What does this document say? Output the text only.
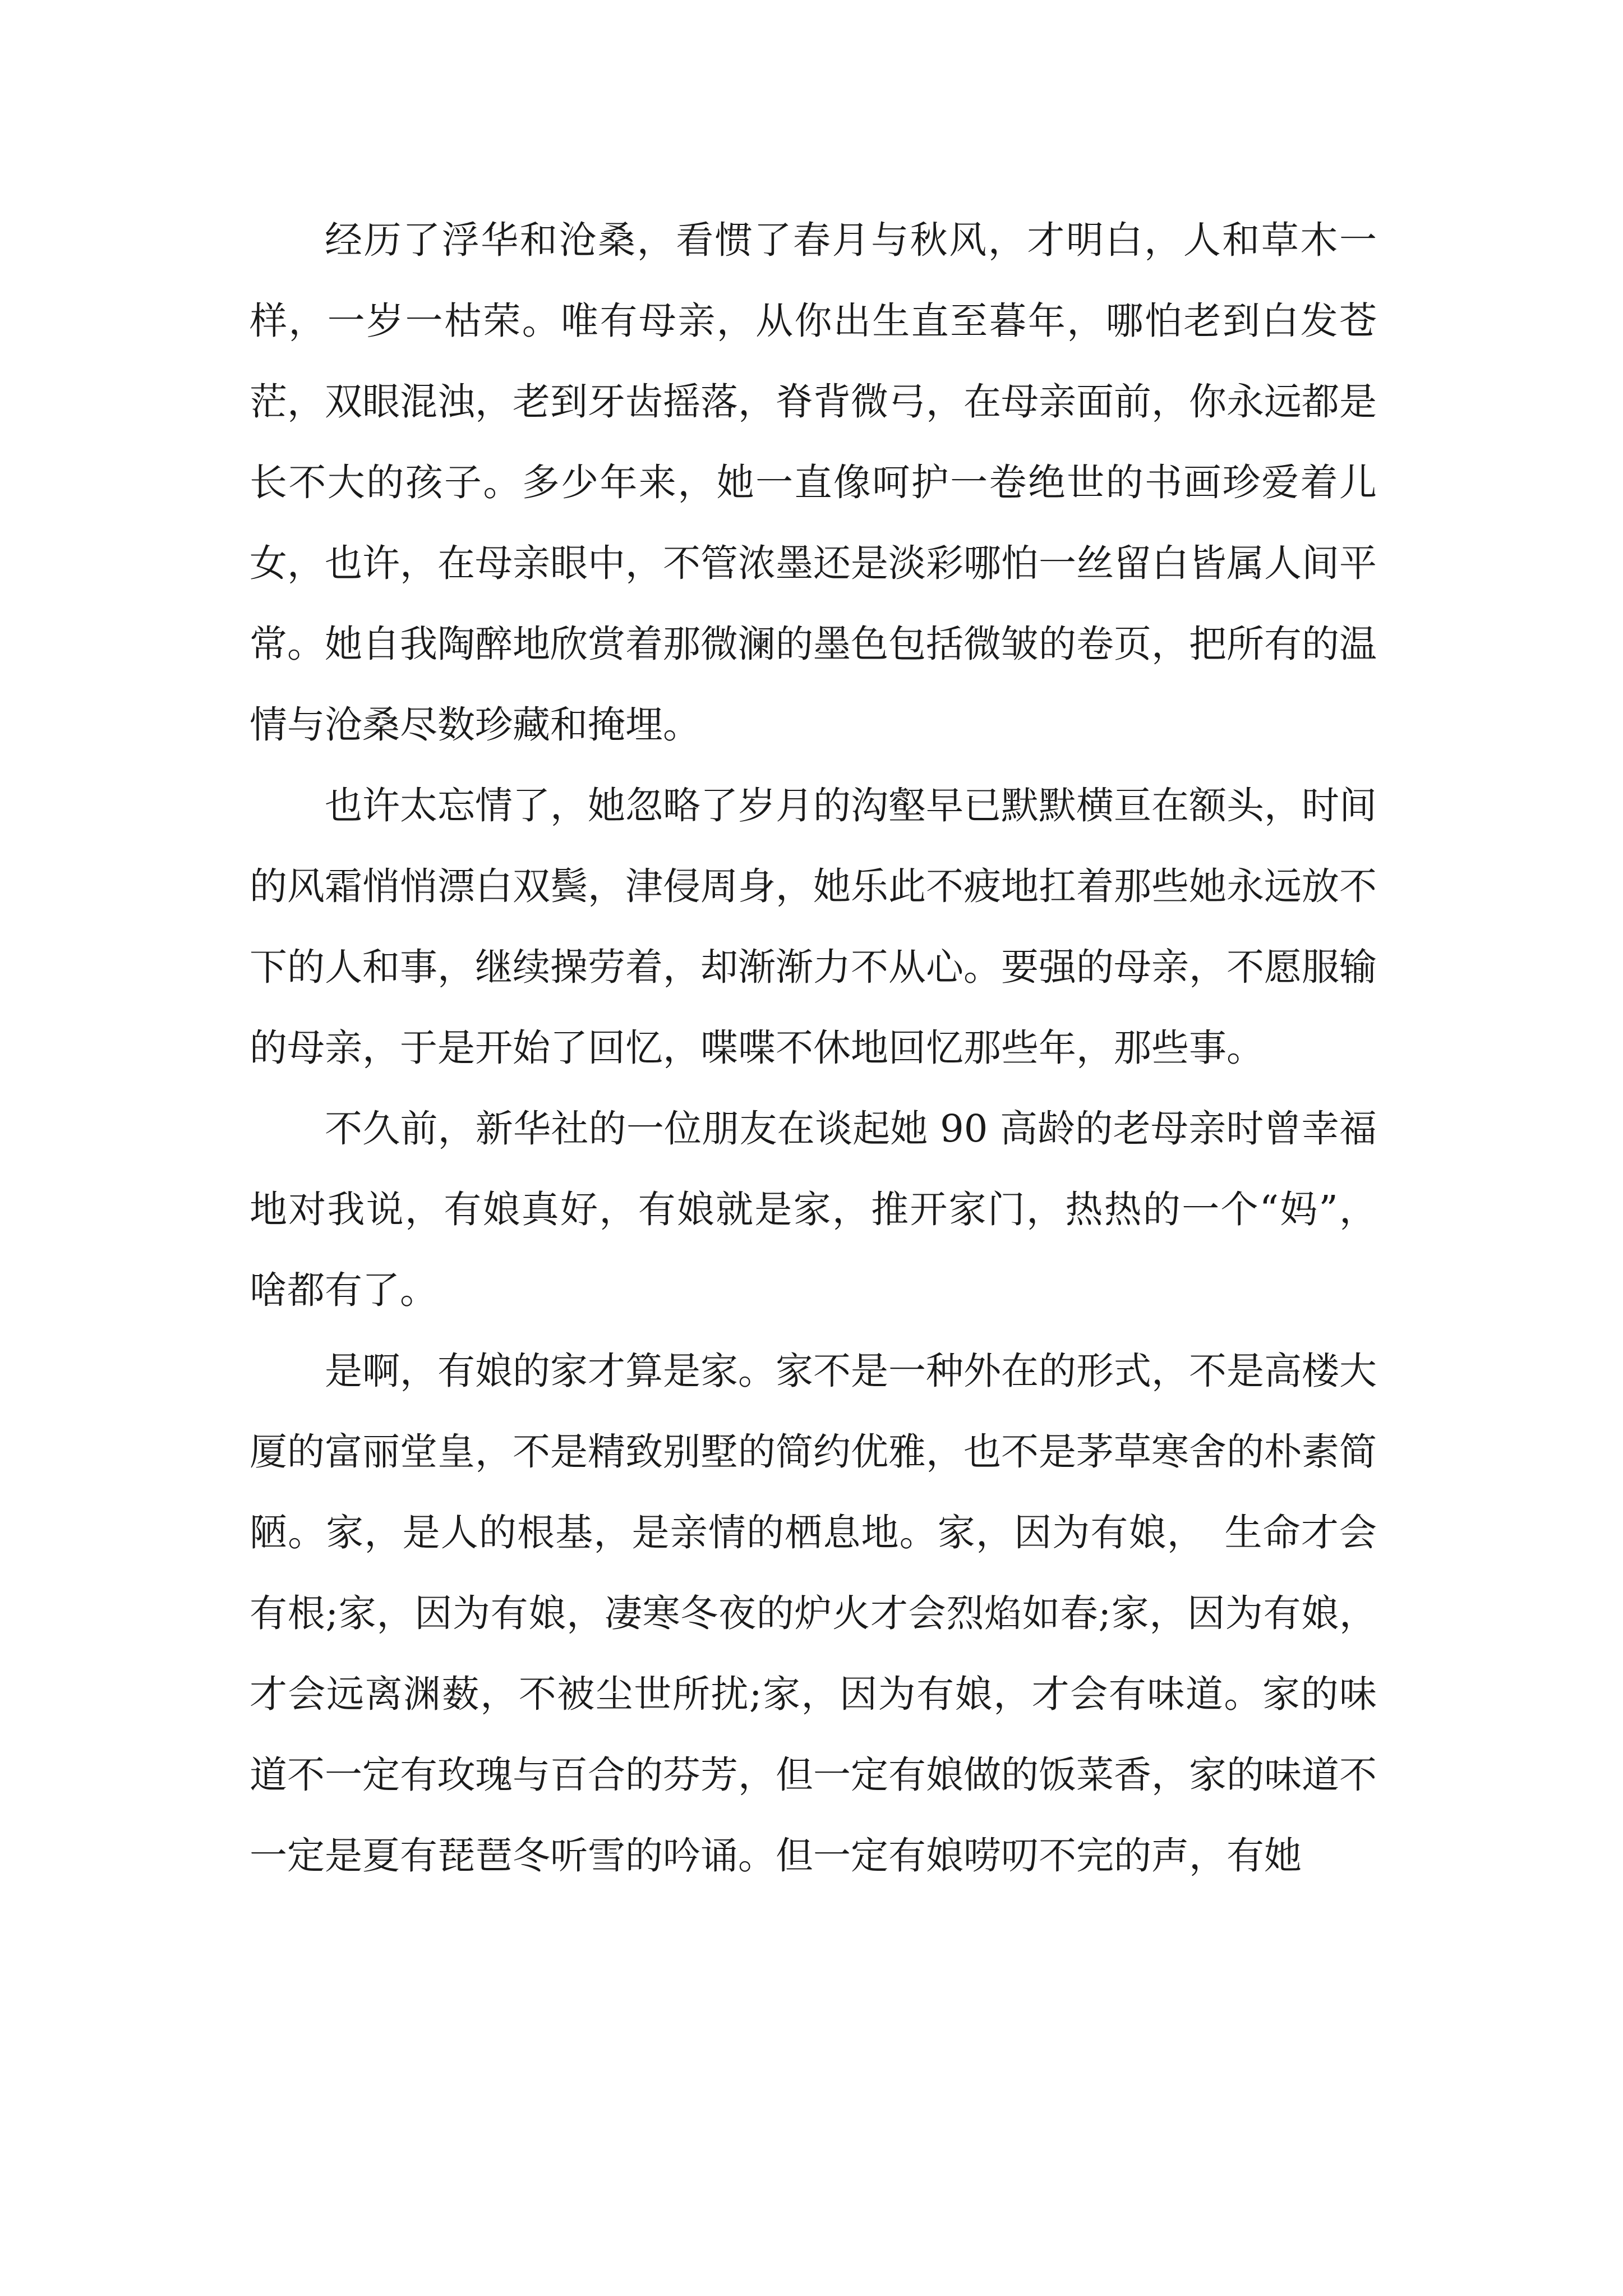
经历了浮华和沧桑，看惯了春月与秋风，才明白，人和草木一样，一岁一枯荣。唯有母亲，从你出生直至暮年，哪怕老到白发苍茫，双眼混浊，老到牙齿摇落，脊背微弓，在母亲面前，你永远都是长不大的孩子。多少年来，她一直像呵护一卷绝世的书画珍爱着儿女，也许，在母亲眼中，不管浓墨还是淡彩哪怕一丝留白皆属人间平常。她自我陶醉地欣赏着那微澜的墨色包括微皱的卷页，把所有的温情与沧桑尽数珍藏和掩埋。

也许太忘情了，她忽略了岁月的沟壑早已默默横亘在额头，时间的风霜悄悄漂白双鬓，津侵周身，她乐此不疲地扛着那些她永远放不下的人和事，继续操劳着，却渐渐力不从心。要强的母亲，不愿服输的母亲，于是开始了回忆，喋喋不休地回忆那些年，那些事。

不久前，新华社的一位朋友在谈起她 90 高龄的老母亲时曾幸福地对我说，有娘真好，有娘就是家，推开家门，热热的一个“妈”，啥都有了。

是啊，有娘的家才算是家。家不是一种外在的形式，不是高楼大厦的富丽堂皇，不是精致别墅的简约优雅，也不是茅草寒舍的朴素简陋。家，是人的根基，是亲情的栖息地。家，因为有娘，　生命才会有根;家，因为有娘，凄寒冬夜的炉火才会烈焰如春;家，因为有娘，才会远离渊薮，不被尘世所扰;家，因为有娘，才会有味道。家的味道不一定有玫瑰与百合的芬芳，但一定有娘做的饭菜香，家的味道不一定是夏有琵琶冬听雪的吟诵。但一定有娘唠叨不完的声，有她
